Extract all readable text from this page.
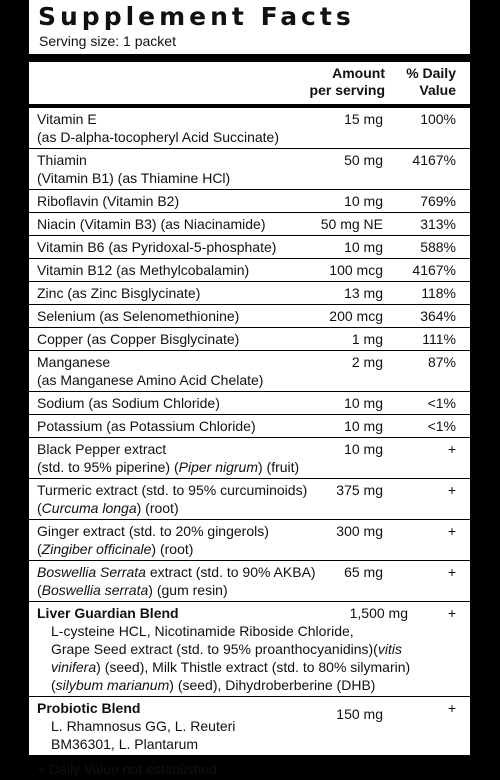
Supplement Facts
Serving size: 1 packet
Amount
per serving
% Daily
Value
Vitamin E
(as D-alpha-tocopheryl Acid Succinate)
15 mg	100%
Thiamin
(Vitamin B1) (as Thiamine HCl)
50 mg 4167%
Riboflavin (Vitamin B2)	10 mg	769%
Niacin (Vitamin B3) (as Niacinamide)	50 mg NE	313%
Vitamin B6 (as Pyridoxal-5-phosphate)	10 mg	588%
Vitamin B12 (as Methylcobalamin)	100 mcg 4167%
Zinc (as Zinc Bisglycinate)	13 mg	118%
Selenium (as Selenomethionine)	200 mcg	364%
Copper (as Copper Bisglycinate)	1 mg	111%
Manganese
(as Manganese Amino Acid Chelate)
2 mg	87%
Sodium (as Sodium Chloride)	10 mg	<1%
Potassium (as Potassium Chloride)	10 mg	<1%
Black Pepper extract
(std. to 95% piperine) (Piper nigrum) (fruit)
10 mg	+
Turmeric extract (std. to 95% curcuminoids)
(Curcuma longa) (root)
375 mg	+
Ginger extract (std. to 20% gingerols)
(Zingiber officinale) (root)
300 mg	+
Boswellia Serrata extract (std. to 90% AKBA)
(Boswellia serrata) (gum resin)
65 mg	+
Liver Guardian Blend	1,500 mg	+
L-cysteine HCL, Nicotinamide Riboside Chloride,
Grape Seed extract (std. to 95% proanthocyanidins)(vitis
vinifera) (seed), Milk Thistle extract (std. to 80% silymarin)
(silybum marianum) (seed), Dihydroberberine (DHB)
Probiotic Blend	150 mg	+
L. Rhamnosus GG, L. Reuteri
BM36301, L. Plantarum
+ Daily Value not established
